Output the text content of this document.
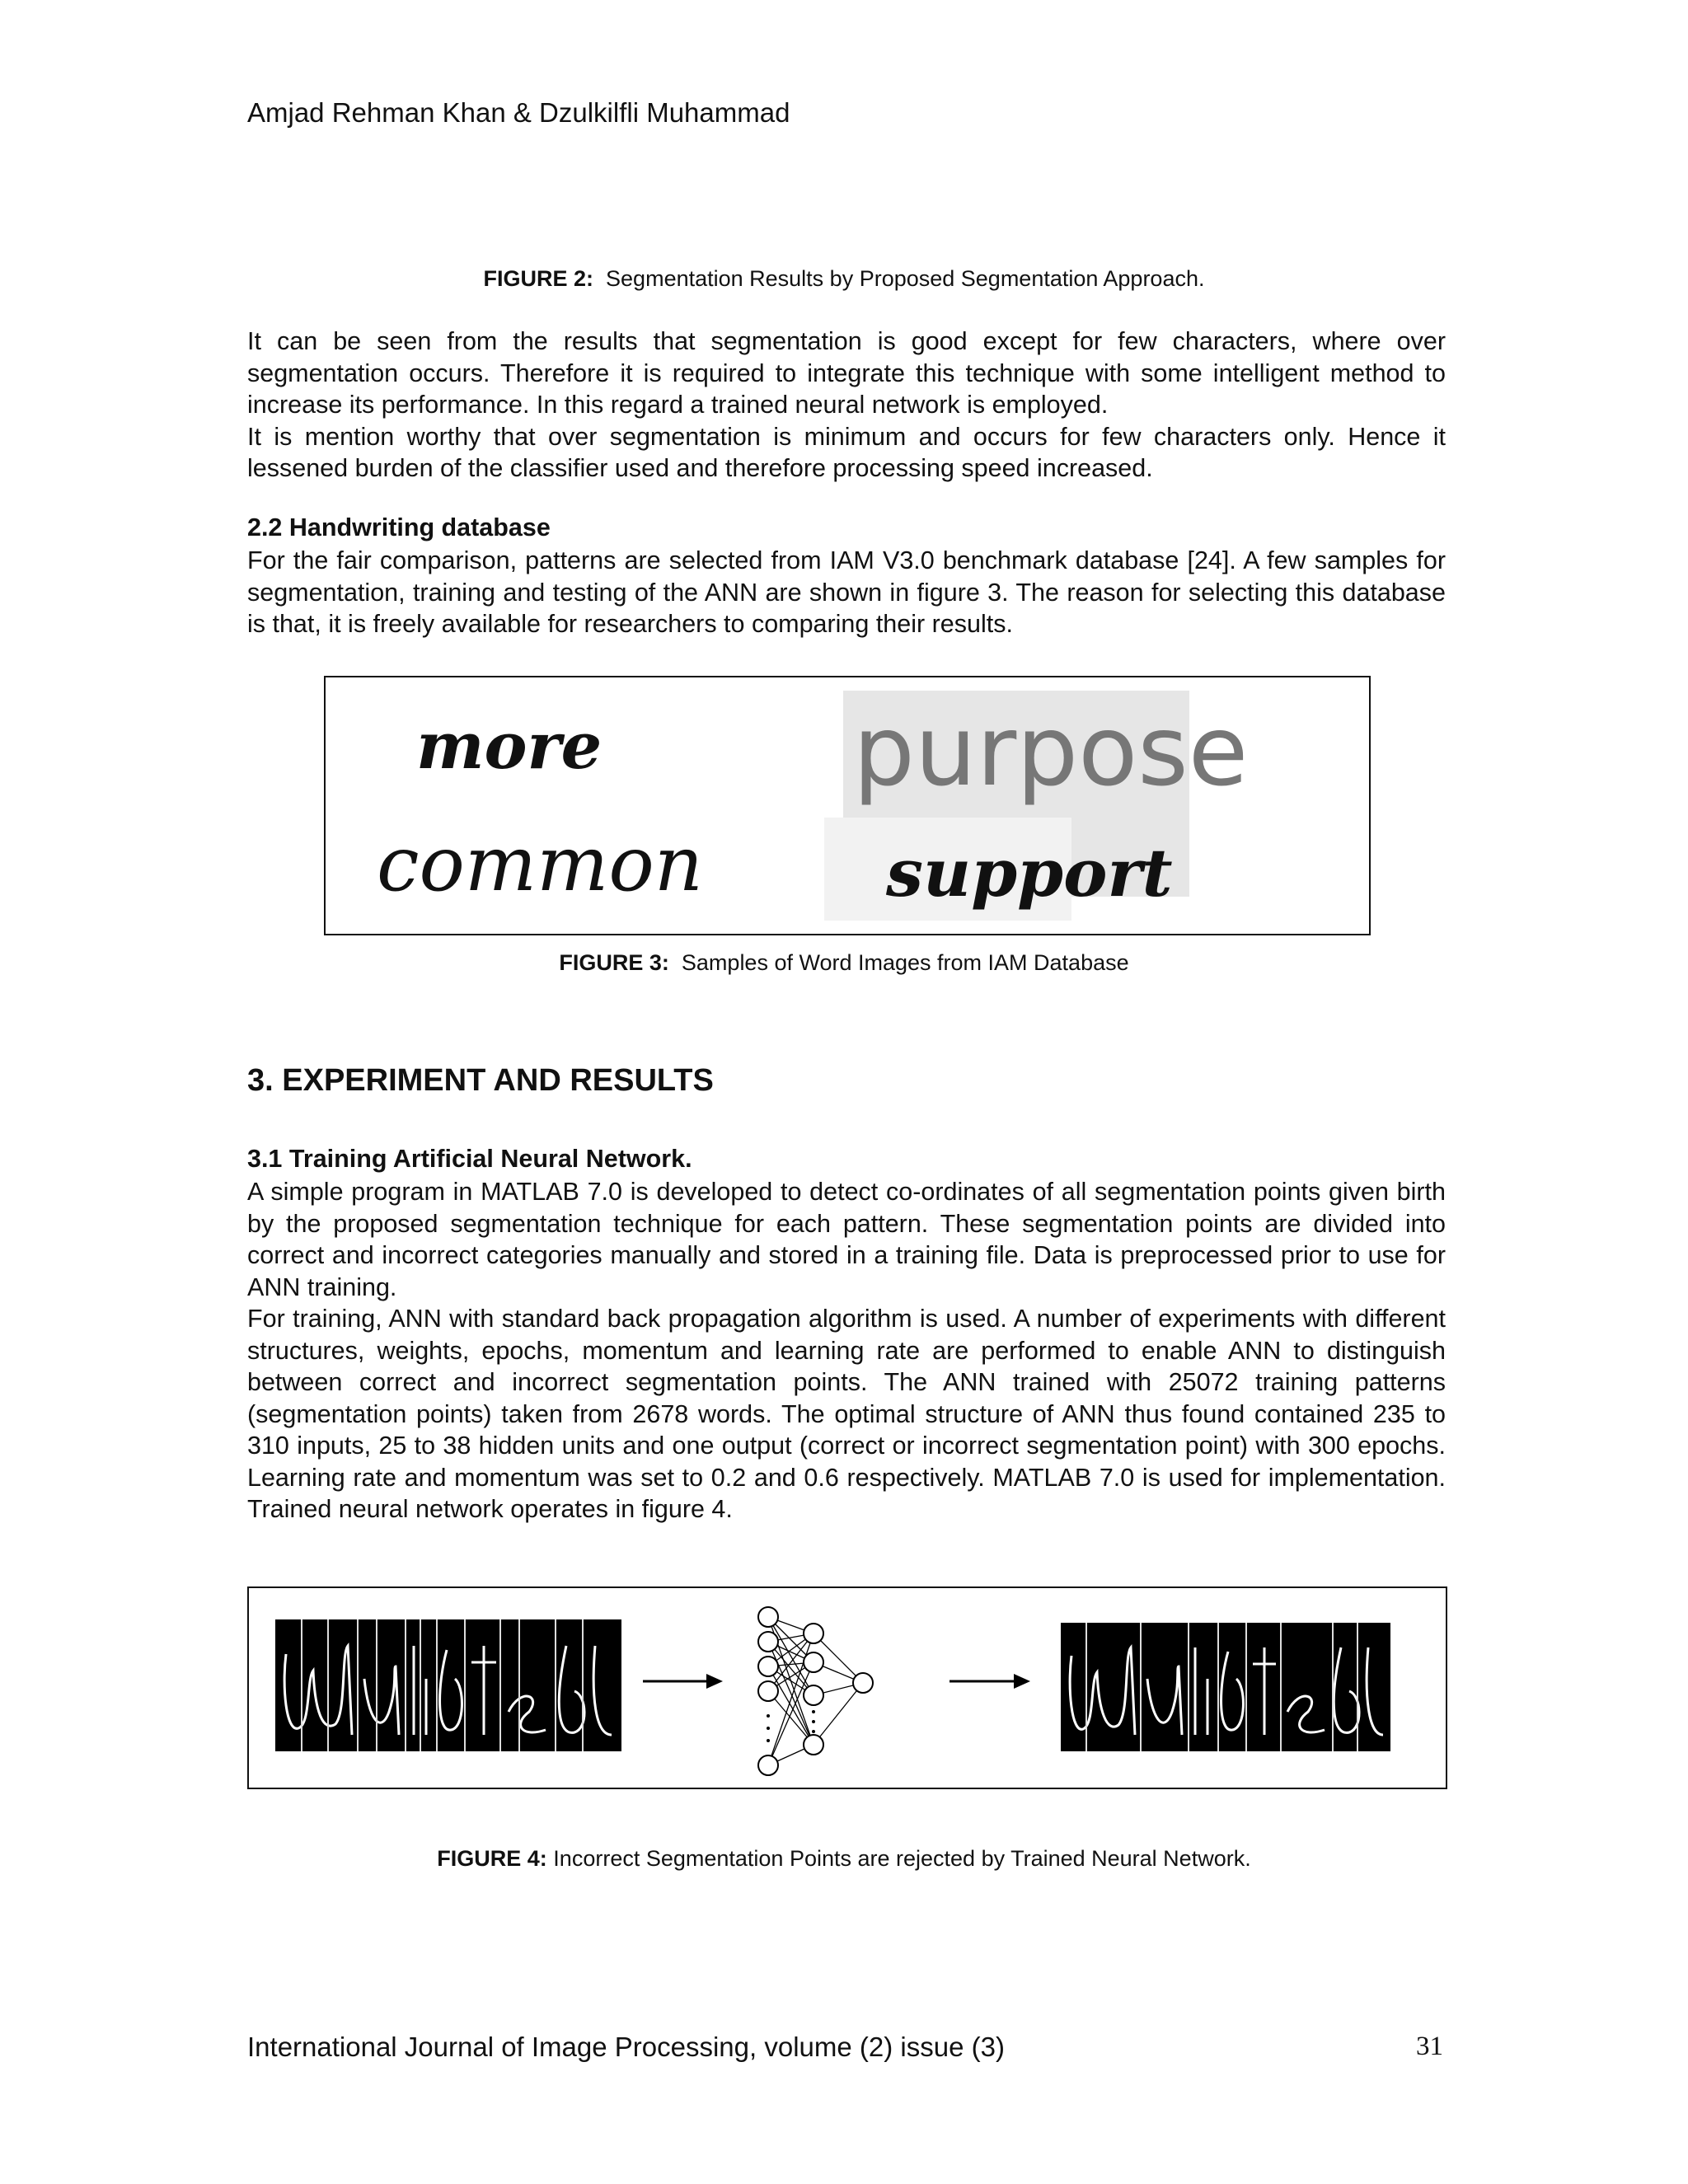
Amjad Rehman Khan & Dzulkilfli Muhammad
FIGURE 2: Segmentation Results by Proposed Segmentation Approach.

It can be seen from the results that segmentation is good except for few characters, where over segmentation occurs. Therefore it is required to integrate this technique with some intelligent method to increase its performance. In this regard a trained neural network is employed.

It is mention worthy that over segmentation is minimum and occurs for few characters only. Hence it lessened burden of the classifier used and therefore processing speed increased.

2.2 Handwriting database

For the fair comparison, patterns are selected from IAM V3.0 benchmark database [24]. A few samples for segmentation, training and testing of the ANN are shown in figure 3. The reason for selecting this database is that, it is freely available for researchers to comparing their results.

more	purpose
common	support
FIGURE 3: Samples of Word Images from IAM Database
3. EXPERIMENT AND RESULTS
3.1 Training Artificial Neural Network.

A simple program in MATLAB 7.0 is developed to detect co-ordinates of all segmentation points given birth by the proposed segmentation technique for each pattern. These segmentation points are divided into correct and incorrect categories manually and stored in a training file. Data is preprocessed prior to use for ANN training.

For training, ANN with standard back propagation algorithm is used. A number of experiments with different structures, weights, epochs, momentum and learning rate are performed to enable ANN to distinguish between correct and incorrect segmentation points. The ANN trained with 25072 training patterns (segmentation points) taken from 2678 words. The optimal structure of ANN thus found contained 235 to 310 inputs, 25 to 38 hidden units and one output (correct or incorrect segmentation point) with 300 epochs. Learning rate and momentum was set to 0.2 and 0.6 respectively. MATLAB 7.0 is used for implementation. Trained neural network operates in figure 4.

FIGURE 4: Incorrect Segmentation Points are rejected by Trained Neural Network.
International Journal of Image Processing, volume (2) issue (3)	31
